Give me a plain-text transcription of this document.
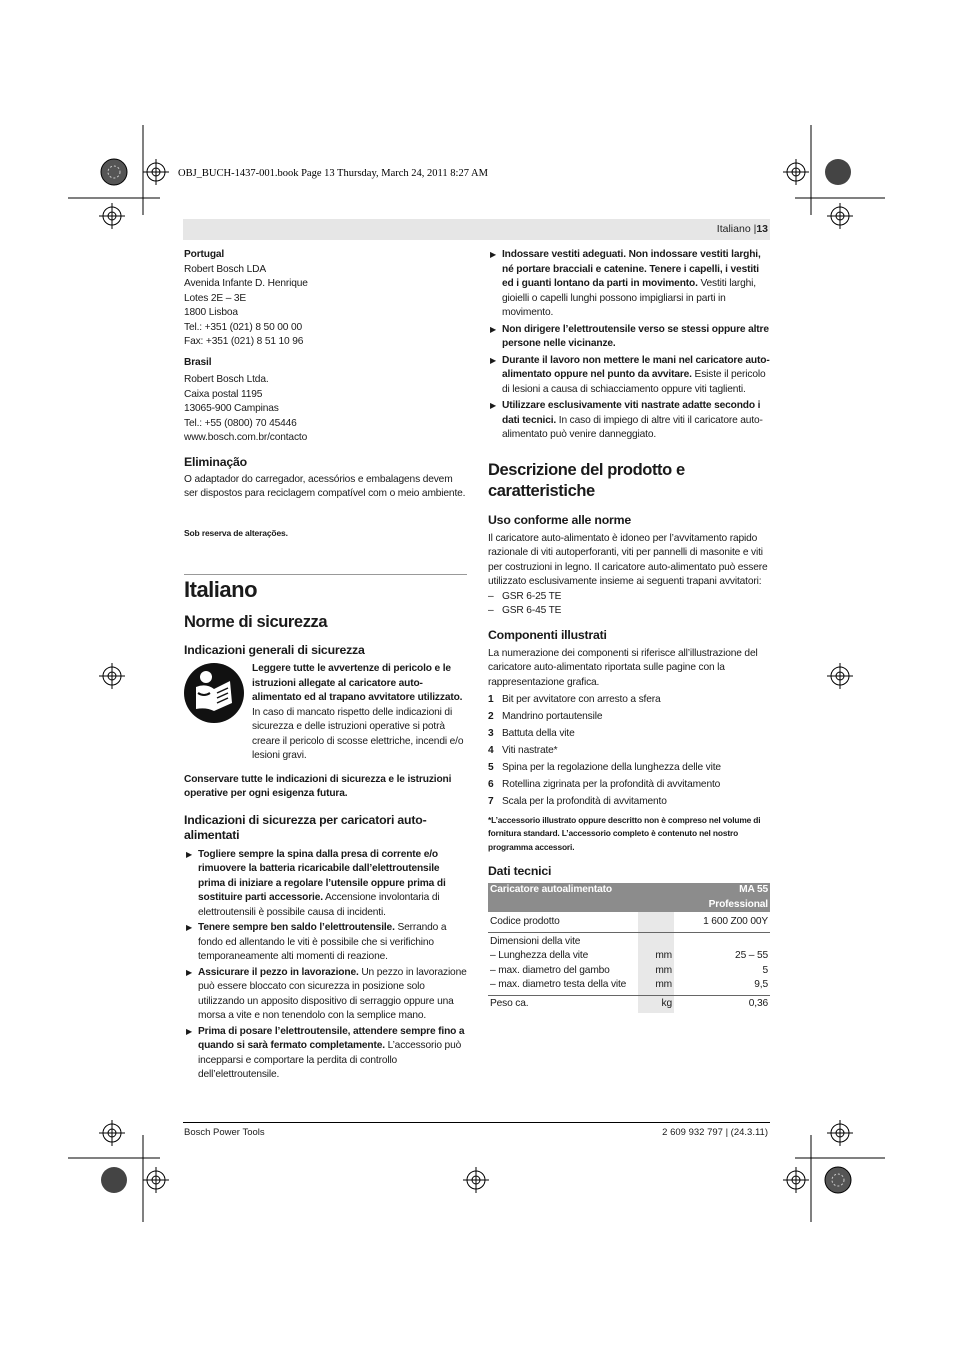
OBJ_BUCH-1437-001.book Page 13 Thursday, March 24, 2011 8:27 AM
Italiano |13

Portugal

Robert Bosch LDA

Avenida Infante D. Henrique

Lotes 2E – 3E

1800 Lisboa

Tel.: +351 (021) 8 50 00 00

Fax: +351 (021) 8 51 10 96

Brasil

Robert Bosch Ltda.

Caixa postal 1195

13065-900 Campinas

Tel.: +55 (0800) 70 45446

www.bosch.com.br/contacto

Eliminação

O adaptador do carregador, acessórios e embalagens devem ser dispostos para reciclagem compatível com o meio ambiente.

Sob reserva de alterações.

Italiano

Norme di sicurezza

Indicazioni generali di sicurezza

Leggere tutte le avvertenze di pericolo e le istruzioni allegate al caricatore auto-alimentato ed al trapano avvitatore utilizzato.

In caso di mancato rispetto delle indicazioni di sicurezza e delle istruzioni operative si potrà creare il pericolo di scosse elettriche, incendi e/o lesioni gravi.

Conservare tutte le indicazioni di sicurezza e le istruzioni operative per ogni esigenza futura.

Indicazioni di sicurezza per caricatori auto-alimentati

▶ Togliere sempre la spina dalla presa di corrente e/o rimuovere la batteria ricaricabile dall’elettroutensile prima di iniziare a regolare l’utensile oppure prima di sostituire parti accessorie. Accensione involontaria di elettroutensili è possibile causa di incidenti.

▶ Tenere sempre ben saldo l’elettroutensile. Serrando a fondo ed allentando le viti è possibile che si verifichino temporaneamente alti momenti di reazione.

▶ Assicurare il pezzo in lavorazione. Un pezzo in lavorazione può essere bloccato con sicurezza in posizione solo utilizzando un apposito dispositivo di serraggio oppure una morsa a vite e non tenendolo con la semplice mano.

▶ Prima di posare l’elettroutensile, attendere sempre fino a quando si sarà fermato completamente. L’accessorio può incepparsi e comportare la perdita di controllo dell’elettroutensile.

▶ Indossare vestiti adeguati. Non indossare vestiti larghi, né portare bracciali e catenine. Tenere i capelli, i vestiti ed i guanti lontano da parti in movimento. Vestiti larghi, gioielli o capelli lunghi possono impigliarsi in parti in movimento.

▶ Non dirigere l’elettroutensile verso se stessi oppure altre persone nelle vicinanze.

▶ Durante il lavoro non mettere le mani nel caricatore auto-alimentato oppure nel punto da avvitare. Esiste il pericolo di lesioni a causa di schiacciamento oppure viti taglienti.

▶ Utilizzare esclusivamente viti nastrate adatte secondo i dati tecnici. In caso di impiego di altre viti il caricatore auto-alimentato può venire danneggiato.

Descrizione del prodotto e caratteristiche

Uso conforme alle norme

Il caricatore auto-alimentato è idoneo per l’avvitamento rapido razionale di viti autoperforanti, viti per pannelli di masonite e viti per costruzioni in legno. Il caricatore auto-alimentato può essere utilizzato esclusivamente insieme ai seguenti trapani avvitatori:

– GSR 6-25 TE

– GSR 6-45 TE

Componenti illustrati

La numerazione dei componenti si riferisce all’illustrazione del caricatore auto-alimentato riportata sulle pagine con la rappresentazione grafica.

1 Bit per avvitatore con arresto a sfera

2 Mandrino portautensile

3 Battuta della vite

4 Viti nastrate*

5 Spina per la regolazione della lunghezza delle vite

6 Rotellina zigrinata per la profondità di avvitamento

7 Scala per la profondità di avvitamento

*L’accessorio illustrato oppure descritto non è compreso nel volume di fornitura standard. L’accessorio completo è contenuto nel nostro programma accessori.

Dati tecnici

Caricatore autoalimentato		MA 55
Professional
Codice prodotto		1 600 Z00 00Y
Dimensioni della vite		
– Lunghezza della vite	mm	25 – 55
– max. diametro del gambo	mm	5
– max. diametro testa della vite	mm	9,5
Peso ca.	kg	0,36
Bosch Power Tools	2 609 932 797 | (24.3.11)
